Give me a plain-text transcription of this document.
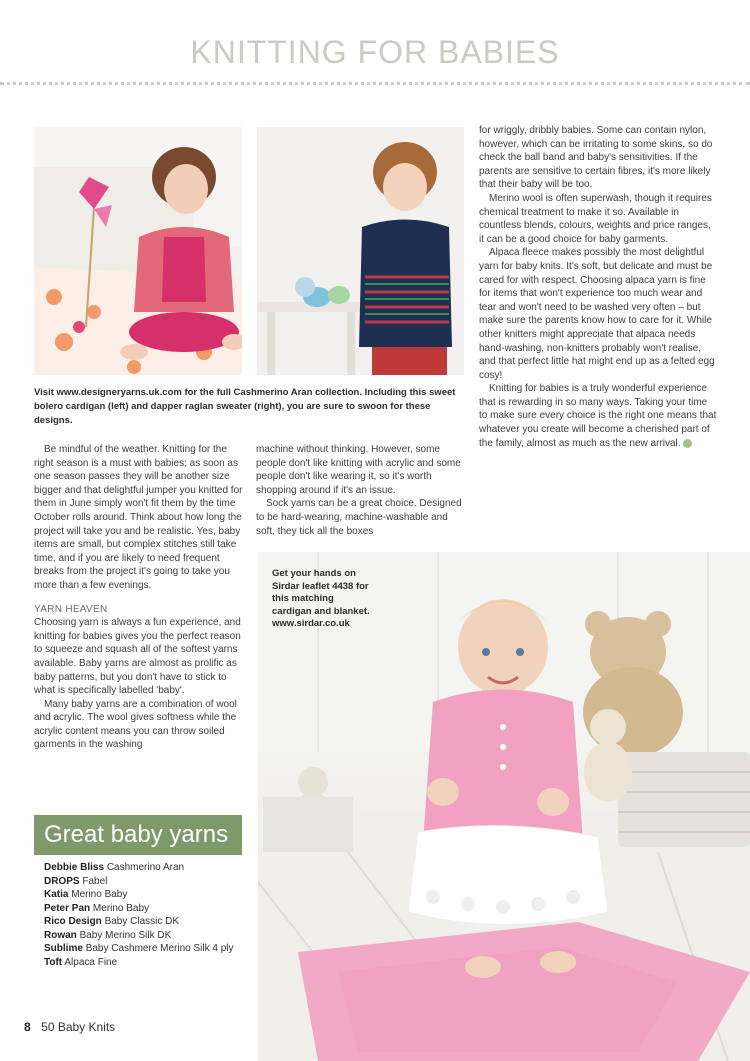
KNITTING FOR BABIES
Visit www.designeryarns.uk.com for the full Cashmerino Aran collection. Including this sweet bolero cardigan (left) and dapper raglan sweater (right), you are sure to swoon for these designs.

for wriggly, dribbly babies. Some can contain nylon, however, which can be irritating to some skins, so do check the ball band and baby's sensitivities. If the parents are sensitive to certain fibres, it's more likely that their baby will be too.

Merino wool is often superwash, though it requires chemical treatment to make it so. Available in countless blends, colours, weights and price ranges, it can be a good choice for baby garments.

Alpaca fleece makes possibly the most delightful yarn for baby knits. It's soft, but delicate and must be cared for with respect. Choosing alpaca yarn is fine for items that won't experience too much wear and tear and won't need to be washed very often – but make sure the parents know how to care for it. While other knitters might appreciate that alpaca needs hand-washing, non-knitters probably won't realise, and that perfect little hat might end up as a felted egg cosy!

Knitting for babies is a truly wonderful experience that is rewarding in so many ways. Taking your time to make sure every choice is the right one means that whatever you create will become a cherished part of the family, almost as much as the new arrival.

Be mindful of the weather. Knitting for the right season is a must with babies; as soon as one season passes they will be another size bigger and that delightful jumper you knitted for them in June simply won't fit them by the time October rolls around. Think about how long the project will take you and be realistic. Yes, baby items are small, but complex stitches still take time, and if you are likely to need frequent breaks from the project it's going to take you more than a few evenings.

YARN HEAVEN

Choosing yarn is always a fun experience, and knitting for babies gives you the perfect reason to squeeze and squash all of the softest yarns available. Baby yarns are almost as prolific as baby patterns, but you don't have to stick to what is specifically labelled 'baby'.

Many baby yarns are a combination of wool and acrylic. The wool gives softness while the acrylic content means you can throw soiled garments in the washing

machine without thinking. However, some people don't like knitting with acrylic and some people don't like wearing it, so it's worth shopping around if it's an issue.

Sock yarns can be a great choice. Designed to be hard-wearing, machine-washable and soft, they tick all the boxes

Get your hands on Sirdar leaflet 4438 for this matching cardigan and blanket. www.sirdar.co.uk
Great baby yarns
Debbie Bliss Cashmerino Aran
DROPS Fabel
Katia Merino Baby
Peter Pan Merino Baby
Rico Design Baby Classic DK
Rowan Baby Merino Silk DK
Sublime Baby Cashmere Merino Silk 4 ply
Toft Alpaca Fine
8 50 Baby Knits
